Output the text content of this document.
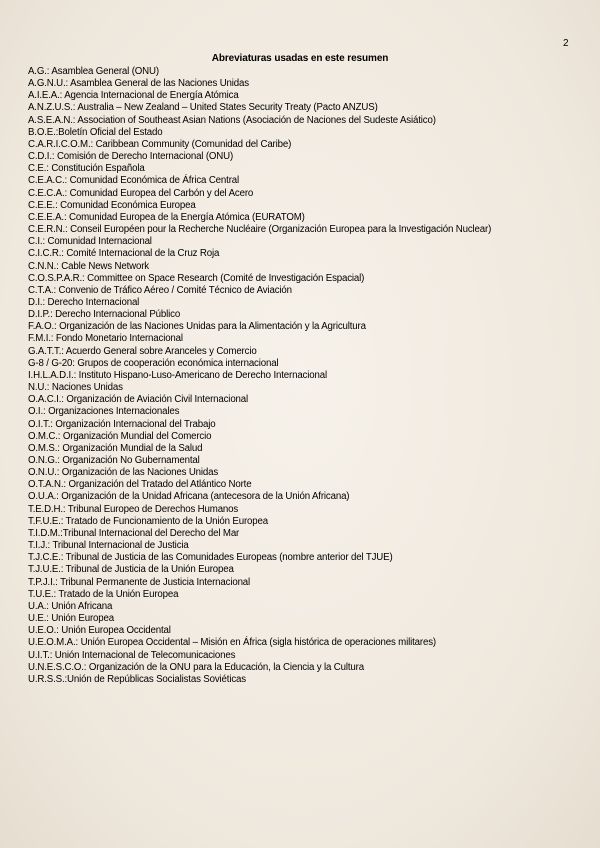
2
Abreviaturas usadas en este resumen
A.G.: Asamblea General (ONU)
A.G.N.U.: Asamblea General de las Naciones Unidas
A.I.E.A.: Agencia Internacional de Energía Atómica
A.N.Z.U.S.: Australia – New Zealand – United States Security Treaty (Pacto ANZUS)
A.S.E.A.N.: Association of Southeast Asian Nations (Asociación de Naciones del Sudeste Asiático)
B.O.E.:Boletín Oficial del Estado
C.A.R.I.C.O.M.: Caribbean Community (Comunidad del Caribe)
C.D.I.: Comisión de Derecho Internacional (ONU)
C.E.: Constitución Española
C.E.A.C.: Comunidad Económica de África Central
C.E.C.A.: Comunidad Europea del Carbón y del Acero
C.E.E.: Comunidad Económica Europea
C.E.E.A.: Comunidad Europea de la Energía Atómica (EURATOM)
C.E.R.N.: Conseil Européen pour la Recherche Nucléaire (Organización Europea para la Investigación Nuclear)
C.I.: Comunidad Internacional
C.I.C.R.: Comité Internacional de la Cruz Roja
C.N.N.: Cable News Network
C.O.S.P.A.R.: Committee on Space Research (Comité de Investigación Espacial)
C.T.A.: Convenio de Tráfico Aéreo / Comité Técnico de Aviación
D.I.: Derecho Internacional
D.I.P.: Derecho Internacional Público
F.A.O.: Organización de las Naciones Unidas para la Alimentación y la Agricultura
F.M.I.: Fondo Monetario Internacional
G.A.T.T.: Acuerdo General sobre Aranceles y Comercio
G-8 / G-20: Grupos de cooperación económica internacional
I.H.L.A.D.I.: Instituto Hispano-Luso-Americano de Derecho Internacional
N.U.: Naciones Unidas
O.A.C.I.: Organización de Aviación Civil Internacional
O.I.: Organizaciones Internacionales
O.I.T.: Organización Internacional del Trabajo
O.M.C.: Organización Mundial del Comercio
O.M.S.: Organización Mundial de la Salud
O.N.G.: Organización No Gubernamental
O.N.U.: Organización de las Naciones Unidas
O.T.A.N.: Organización del Tratado del Atlántico Norte
O.U.A.: Organización de la Unidad Africana (antecesora de la Unión Africana)
T.E.D.H.: Tribunal Europeo de Derechos Humanos
T.F.U.E.: Tratado de Funcionamiento de la Unión Europea
T.I.D.M.:Tribunal Internacional del Derecho del Mar
T.I.J.: Tribunal Internacional de Justicia
T.J.C.E.: Tribunal de Justicia de las Comunidades Europeas (nombre anterior del TJUE)
T.J.U.E.: Tribunal de Justicia de la Unión Europea
T.P.J.I.: Tribunal Permanente de Justicia Internacional
T.U.E.: Tratado de la Unión Europea
U.A.: Unión Africana
U.E.: Unión Europea
U.E.O.: Unión Europea Occidental
U.E.O.M.A.: Unión Europea Occidental – Misión en África (sigla histórica de operaciones militares)
U.I.T.: Unión Internacional de Telecomunicaciones
U.N.E.S.C.O.: Organización de la ONU para la Educación, la Ciencia y la Cultura
U.R.S.S.:Unión de Repúblicas Socialistas Soviéticas
